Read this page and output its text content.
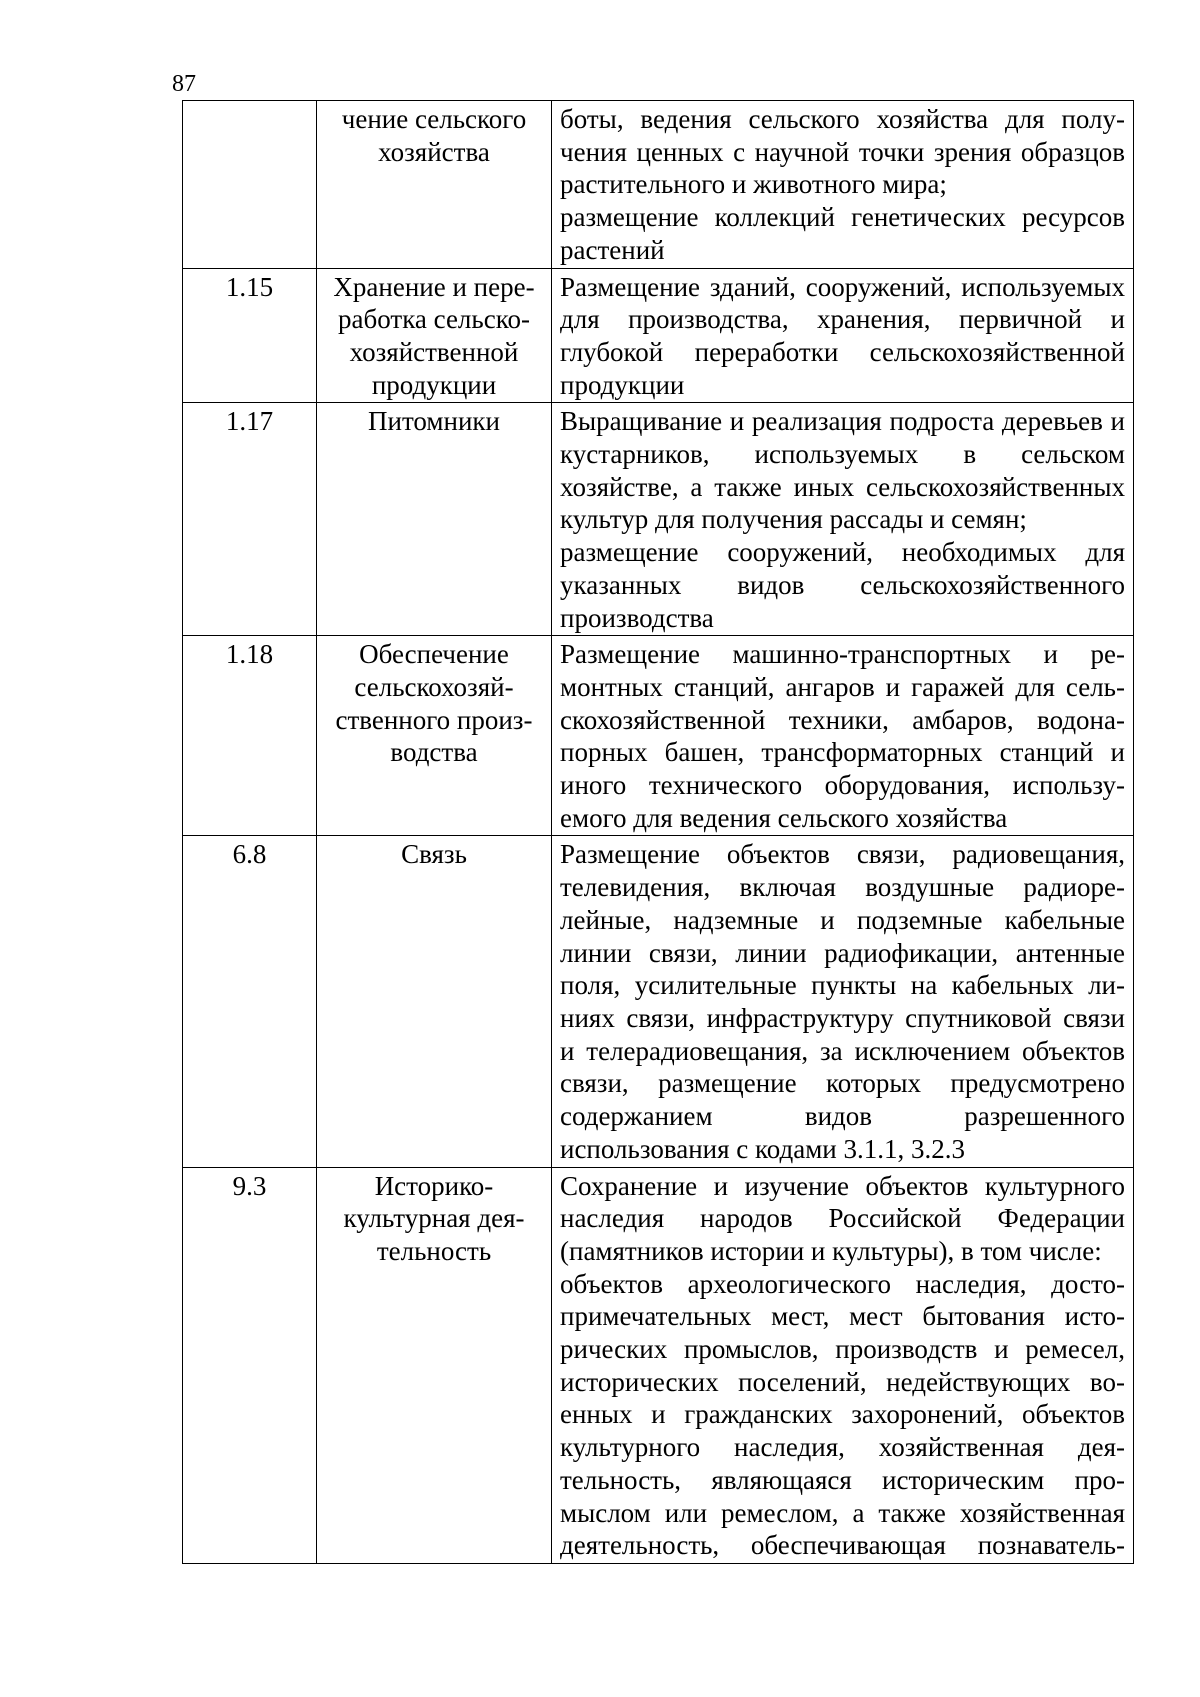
87
	чение сельского хозяйства	боты, ведения сельского хозяйства для получения ценных с научной точки зрения образцов растительного и животного мира;
размещение коллекций генетических ресурсов растений

1.15	Хранение и переработка сельскохозяйственной продукции	Размещение зданий, сооружений, используемых для производства, хранения, первичной и глубокой переработки сельскохозяйственной продукции

1.17	Питомники	Выращивание и реализация подроста деревьев и кустарников, используемых в сельском хозяйстве, а также иных сельскохозяйственных культур для получения рассады и семян;
размещение сооружений, необходимых для указанных видов сельскохозяйственного производства

1.18	Обеспечение сельскохозяйственного производства	Размещение машинно-транспортных и ремонтных станций, ангаров и гаражей для сельскохозяйственной техники, амбаров, водонапорных башен, трансформаторных станций и иного технического оборудования, используемого для ведения сельского хозяйства

6.8	Связь	Размещение объектов связи, радиовещания, телевидения, включая воздушные радиорелейные, надземные и подземные кабельные линии связи, линии радиофикации, антенные поля, усилительные пункты на кабельных линиях связи, инфраструктуру спутниковой связи и телерадиовещания, за исключением объектов связи, размещение которых предусмотрено содержанием видов разрешенного использования с кодами 3.1.1, 3.2.3

9.3	Историко-культурная деятельность	Сохранение и изучение объектов культурного наследия народов Российской Федерации (памятников истории и культуры), в том числе:
объектов археологического наследия, достопримечательных мест, мест бытования исторических промыслов, производств и ремесел, исторических поселений, недействующих военных и гражданских захоронений, объектов культурного наследия, хозяйственная деятельность, являющаяся историческим промыслом или ремеслом, а также хозяйственная деятельность, обеспечивающая познаватель-
